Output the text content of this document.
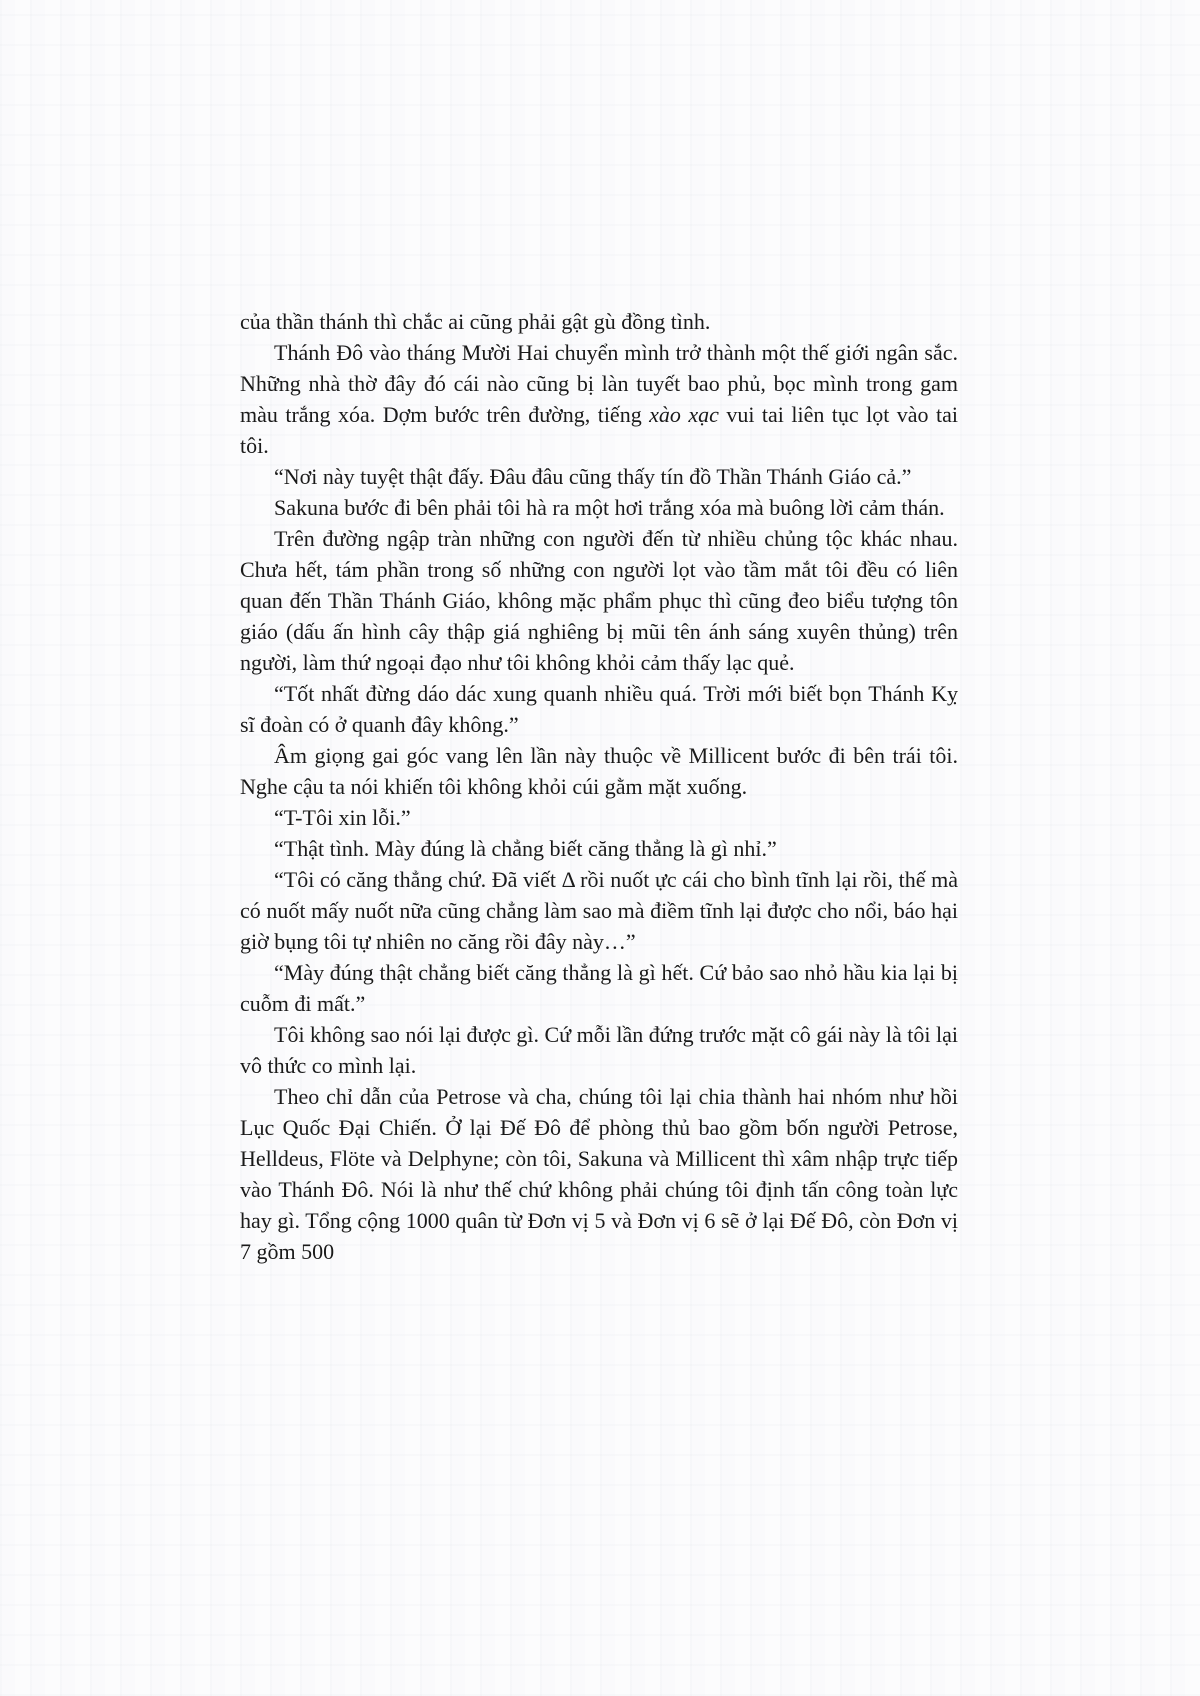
của thần thánh thì chắc ai cũng phải gật gù đồng tình.

Thánh Đô vào tháng Mười Hai chuyển mình trở thành một thế giới ngân sắc. Những nhà thờ đây đó cái nào cũng bị làn tuyết bao phủ, bọc mình trong gam màu trắng xóa. Dợm bước trên đường, tiếng xào xạc vui tai liên tục lọt vào tai tôi.

“Nơi này tuyệt thật đấy. Đâu đâu cũng thấy tín đồ Thần Thánh Giáo cả.”

Sakuna bước đi bên phải tôi hà ra một hơi trắng xóa mà buông lời cảm thán.

Trên đường ngập tràn những con người đến từ nhiều chủng tộc khác nhau. Chưa hết, tám phần trong số những con người lọt vào tầm mắt tôi đều có liên quan đến Thần Thánh Giáo, không mặc phẩm phục thì cũng đeo biểu tượng tôn giáo (dấu ấn hình cây thập giá nghiêng bị mũi tên ánh sáng xuyên thủng) trên người, làm thứ ngoại đạo như tôi không khỏi cảm thấy lạc quẻ.

“Tốt nhất đừng dáo dác xung quanh nhiều quá. Trời mới biết bọn Thánh Kỵ sĩ đoàn có ở quanh đây không.”

Âm giọng gai góc vang lên lần này thuộc về Millicent bước đi bên trái tôi. Nghe cậu ta nói khiến tôi không khỏi cúi gằm mặt xuống.

“T-Tôi xin lỗi.”

“Thật tình. Mày đúng là chẳng biết căng thẳng là gì nhỉ.”

“Tôi có căng thẳng chứ. Đã viết Δ rồi nuốt ực cái cho bình tĩnh lại rồi, thế mà có nuốt mấy nuốt nữa cũng chẳng làm sao mà điềm tĩnh lại được cho nổi, báo hại giờ bụng tôi tự nhiên no căng rồi đây này…”

“Mày đúng thật chẳng biết căng thẳng là gì hết. Cứ bảo sao nhỏ hầu kia lại bị cuỗm đi mất.”

Tôi không sao nói lại được gì. Cứ mỗi lần đứng trước mặt cô gái này là tôi lại vô thức co mình lại.

Theo chỉ dẫn của Petrose và cha, chúng tôi lại chia thành hai nhóm như hồi Lục Quốc Đại Chiến. Ở lại Đế Đô để phòng thủ bao gồm bốn người Petrose, Helldeus, Flöte và Delphyne; còn tôi, Sakuna và Millicent thì xâm nhập trực tiếp vào Thánh Đô. Nói là như thế chứ không phải chúng tôi định tấn công toàn lực hay gì. Tổng cộng 1000 quân từ Đơn vị 5 và Đơn vị 6 sẽ ở lại Đế Đô, còn Đơn vị 7 gồm 500
